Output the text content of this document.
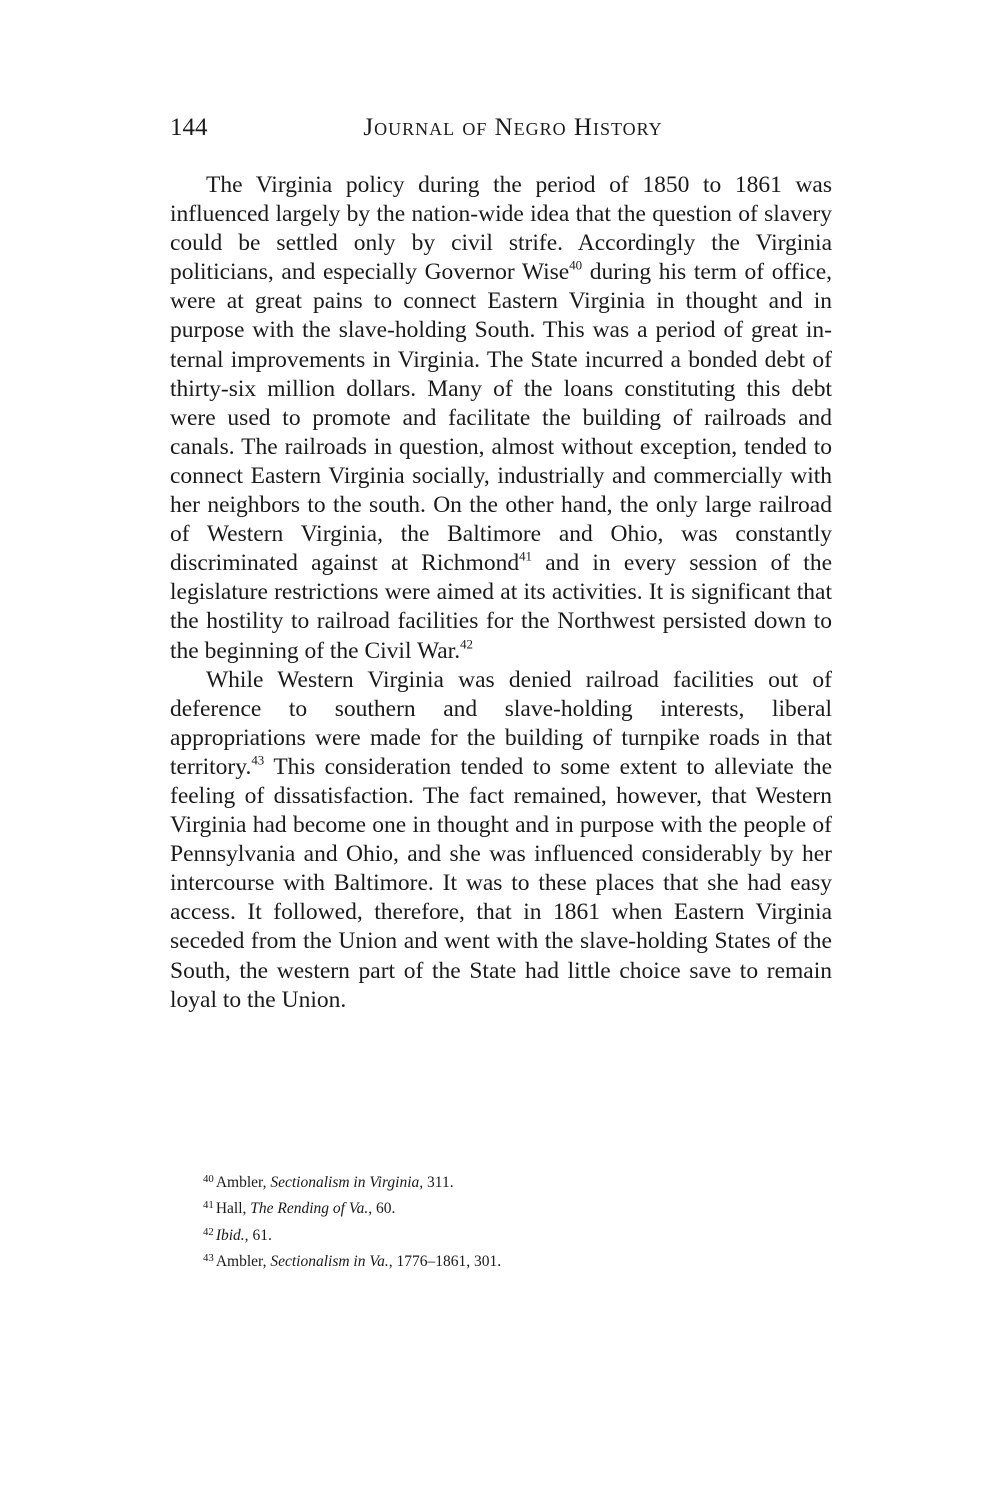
144	Journal of Negro History

The Virginia policy during the period of 1850 to 1861 was influenced largely by the nation-wide idea that the question of slavery could be settled only by civil strife. Accordingly the Virginia politicians, and especially Governor Wise$^{40}$ during his term of office, were at great pains to connect Eastern Virginia in thought and in purpose with the slave-holding South. This was a period of great internal improvements in Virginia. The State incurred a bonded debt of thirty-six million dollars. Many of the loans constituting this debt were used to promote and facilitate the building of railroads and canals. The railroads in question, almost without exception, tended to connect Eastern Virginia socially, industrially and commercially with her neighbors to the south. On the other hand, the only large railroad of Western Virginia, the Baltimore and Ohio, was constantly discriminated against at Richmond$^{41}$ and in every session of the legislature restrictions were aimed at its activities. It is significant that the hostility to railroad facilities for the Northwest persisted down to the beginning of the Civil War.$^{42}$

While Western Virginia was denied railroad facilities out of deference to southern and slave-holding interests, liberal appropriations were made for the building of turnpike roads in that territory.$^{43}$ This consideration tended to some extent to alleviate the feeling of dissatisfaction. The fact remained, however, that Western Virginia had become one in thought and in purpose with the people of Pennsylvania and Ohio, and she was influenced considerably by her intercourse with Baltimore. It was to these places that she had easy access. It followed, therefore, that in 1861 when Eastern Virginia seceded from the Union and went with the slave-holding States of the South, the western part of the State had little choice save to remain loyal to the Union.

$^{40}$ Ambler, Sectionalism in Virginia, 311.

$^{41}$ Hall, The Rending of Va., 60.

$^{42}$ Ibid., 61.

$^{43}$ Ambler, Sectionalism in Va., 1776–1861, 301.
